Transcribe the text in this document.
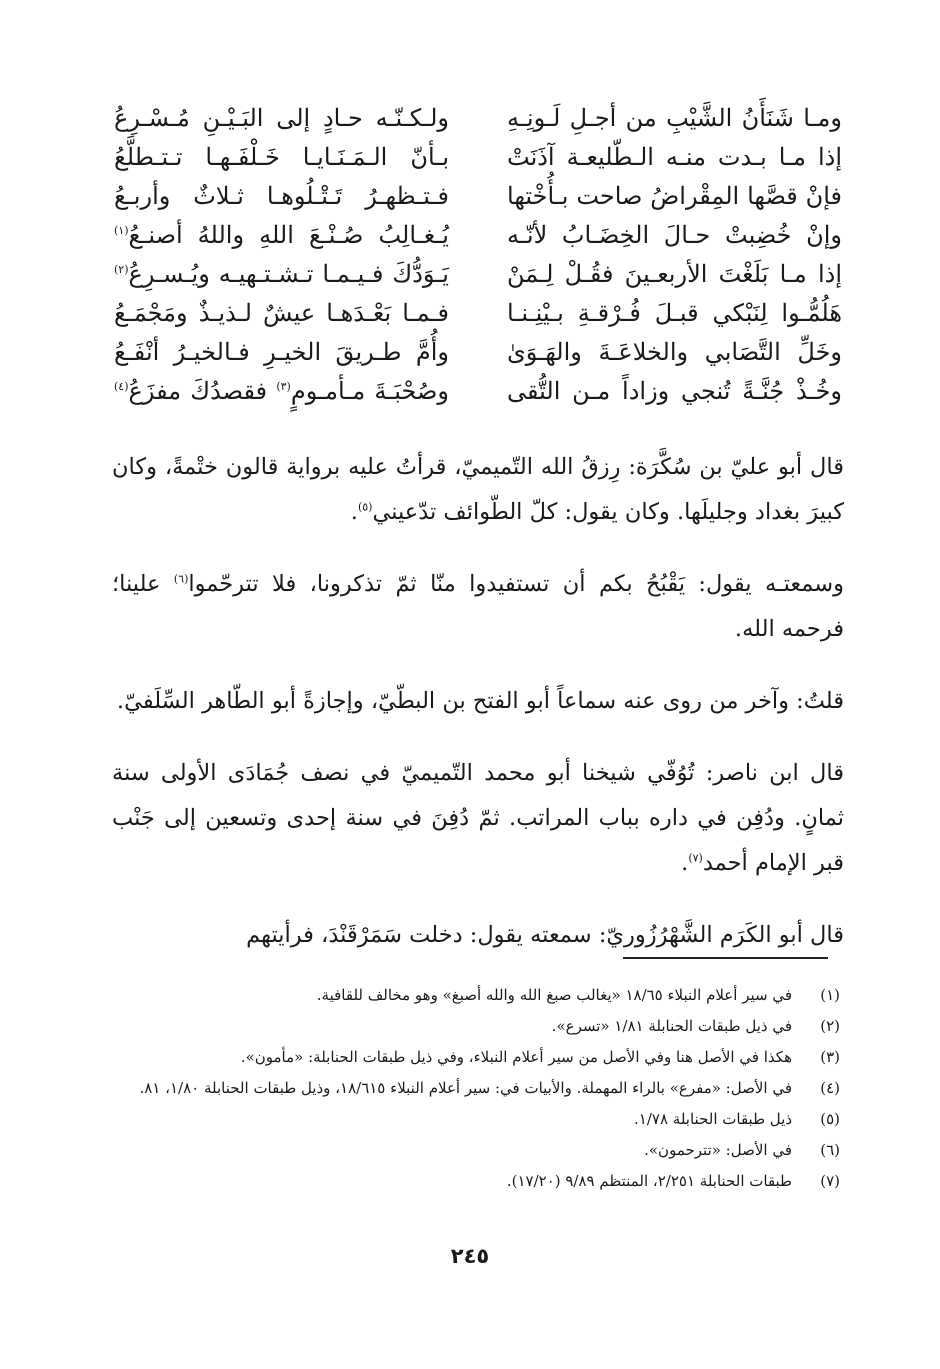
ومـا شَنَأَنُ الشَّيْبِ من أجـلِ لَـونِـهِ
ولـكـنّـه حـادٍ إلى البَـيْـنِ مُـسْـرِعُ
إذا مـا بـدت منـه الـطّليعـة آذَنَتْ
بـأنّ الـمَـنَـايـا خَـلْفَـهـا تـتـطلَّعُ
فإنْ قصَّها المِقْراضُ صاحت بـأُخْتها
فـتـظهـرُ تَـتْـلُوهـا ثـلاثٌ وأربـعُ
وإنْ خُضِبتْ حـالَ الخِضَـابُ لأنّـه
يُـغـالِبُ صُـنْـعَ اللهِ واللهُ أصنـعُ$^{(١)}$
إذا مـا بَلَغْتَ الأربعـينَ فقُـلْ لِـمَنْ
يَـوَدُّكَ فـيـمـا تـشـتـهيـه ويُـسـرِعُ$^{(٢)}$
هَلُمُّـوا لِنَبْكي قبـلَ فُـرْقـةِ بـيْنِـنـا
فـمـا بَعْـدَهـا عيشٌ لـذيـذٌ ومَجْمَـعُ
وخَلِّ التَّصَابي والخلاعَـةَ والهَـوَىٰ
وأُمَّ طـريقَ الخيـرِ فـالخيـرُ أنْفَـعُ
وخُـذْ جُنَّـةً تُنجي وزاداً مـن التُّقى
وصُحْبَـةَ مـأمـومٍ$^{(٣)}$ فقصدُكَ مفزَعُ$^{(٤)}$

قال أبو عليّ بن سُكَّرَة: رِزقُ الله التّميميّ، قرأتُ عليه برواية قالون ختْمةً، وكان كبيرَ بغداد وجليلَها. وكان يقول: كلّ الطّوائف تدّعيني$^{(٥)}$.

وسمعتـه يقول: يَقْبُحُ بكم أن تستفيدوا منّا ثمّ تذكرونا، فلا تترحّموا$^{(٦)}$ علينا؛ فرحمه الله.

قلتُ: وآخر من روى عنه سماعاً أبو الفتح بن البطّيّ، وإجازةً أبو الطّاهر السِّلَفيّ.

قال ابن ناصر: تُوُفّي شيخنا أبو محمد التّميميّ في نصف جُمَادَى الأولى سنة ثمانٍ. ودُفِن في داره بباب المراتب. ثمّ دُفِنَ في سنة إحدى وتسعين إلى جَنْب قبر الإمام أحمد$^{(٧)}$.

قال أبو الكَرَم الشَّهْرُزُوريّ: سمعته يقول: دخلت سَمَرْقَنْدَ، فرأيتهم

(١)
في سير أعلام النبلاء ١٨/٦٥ «يغالب صبغ الله والله أصبغ» وهو مخالف للقافية.
(٢)
في ذيل طبقات الحنابلة ١/٨١ «تسرع».
(٣)
هكذا في الأصل هنا وفي الأصل من سير أعلام النبلاء، وفي ذيل طبقات الحنابلة: «مأمون».
(٤)
في الأصل: «مفرع» بالراء المهملة. والأبيات في: سير أعلام النبلاء ١٨/٦١٥، وذيل طبقات الحنابلة ١/٨٠، ٨١.
(٥)
ذيل طبقات الحنابلة ١/٧٨.
(٦)
في الأصل: «تترحمون».
(٧)
طبقات الحنابلة ٢/٢٥١، المنتظم ٩/٨٩ (١٧/٢٠).
٢٤٥
